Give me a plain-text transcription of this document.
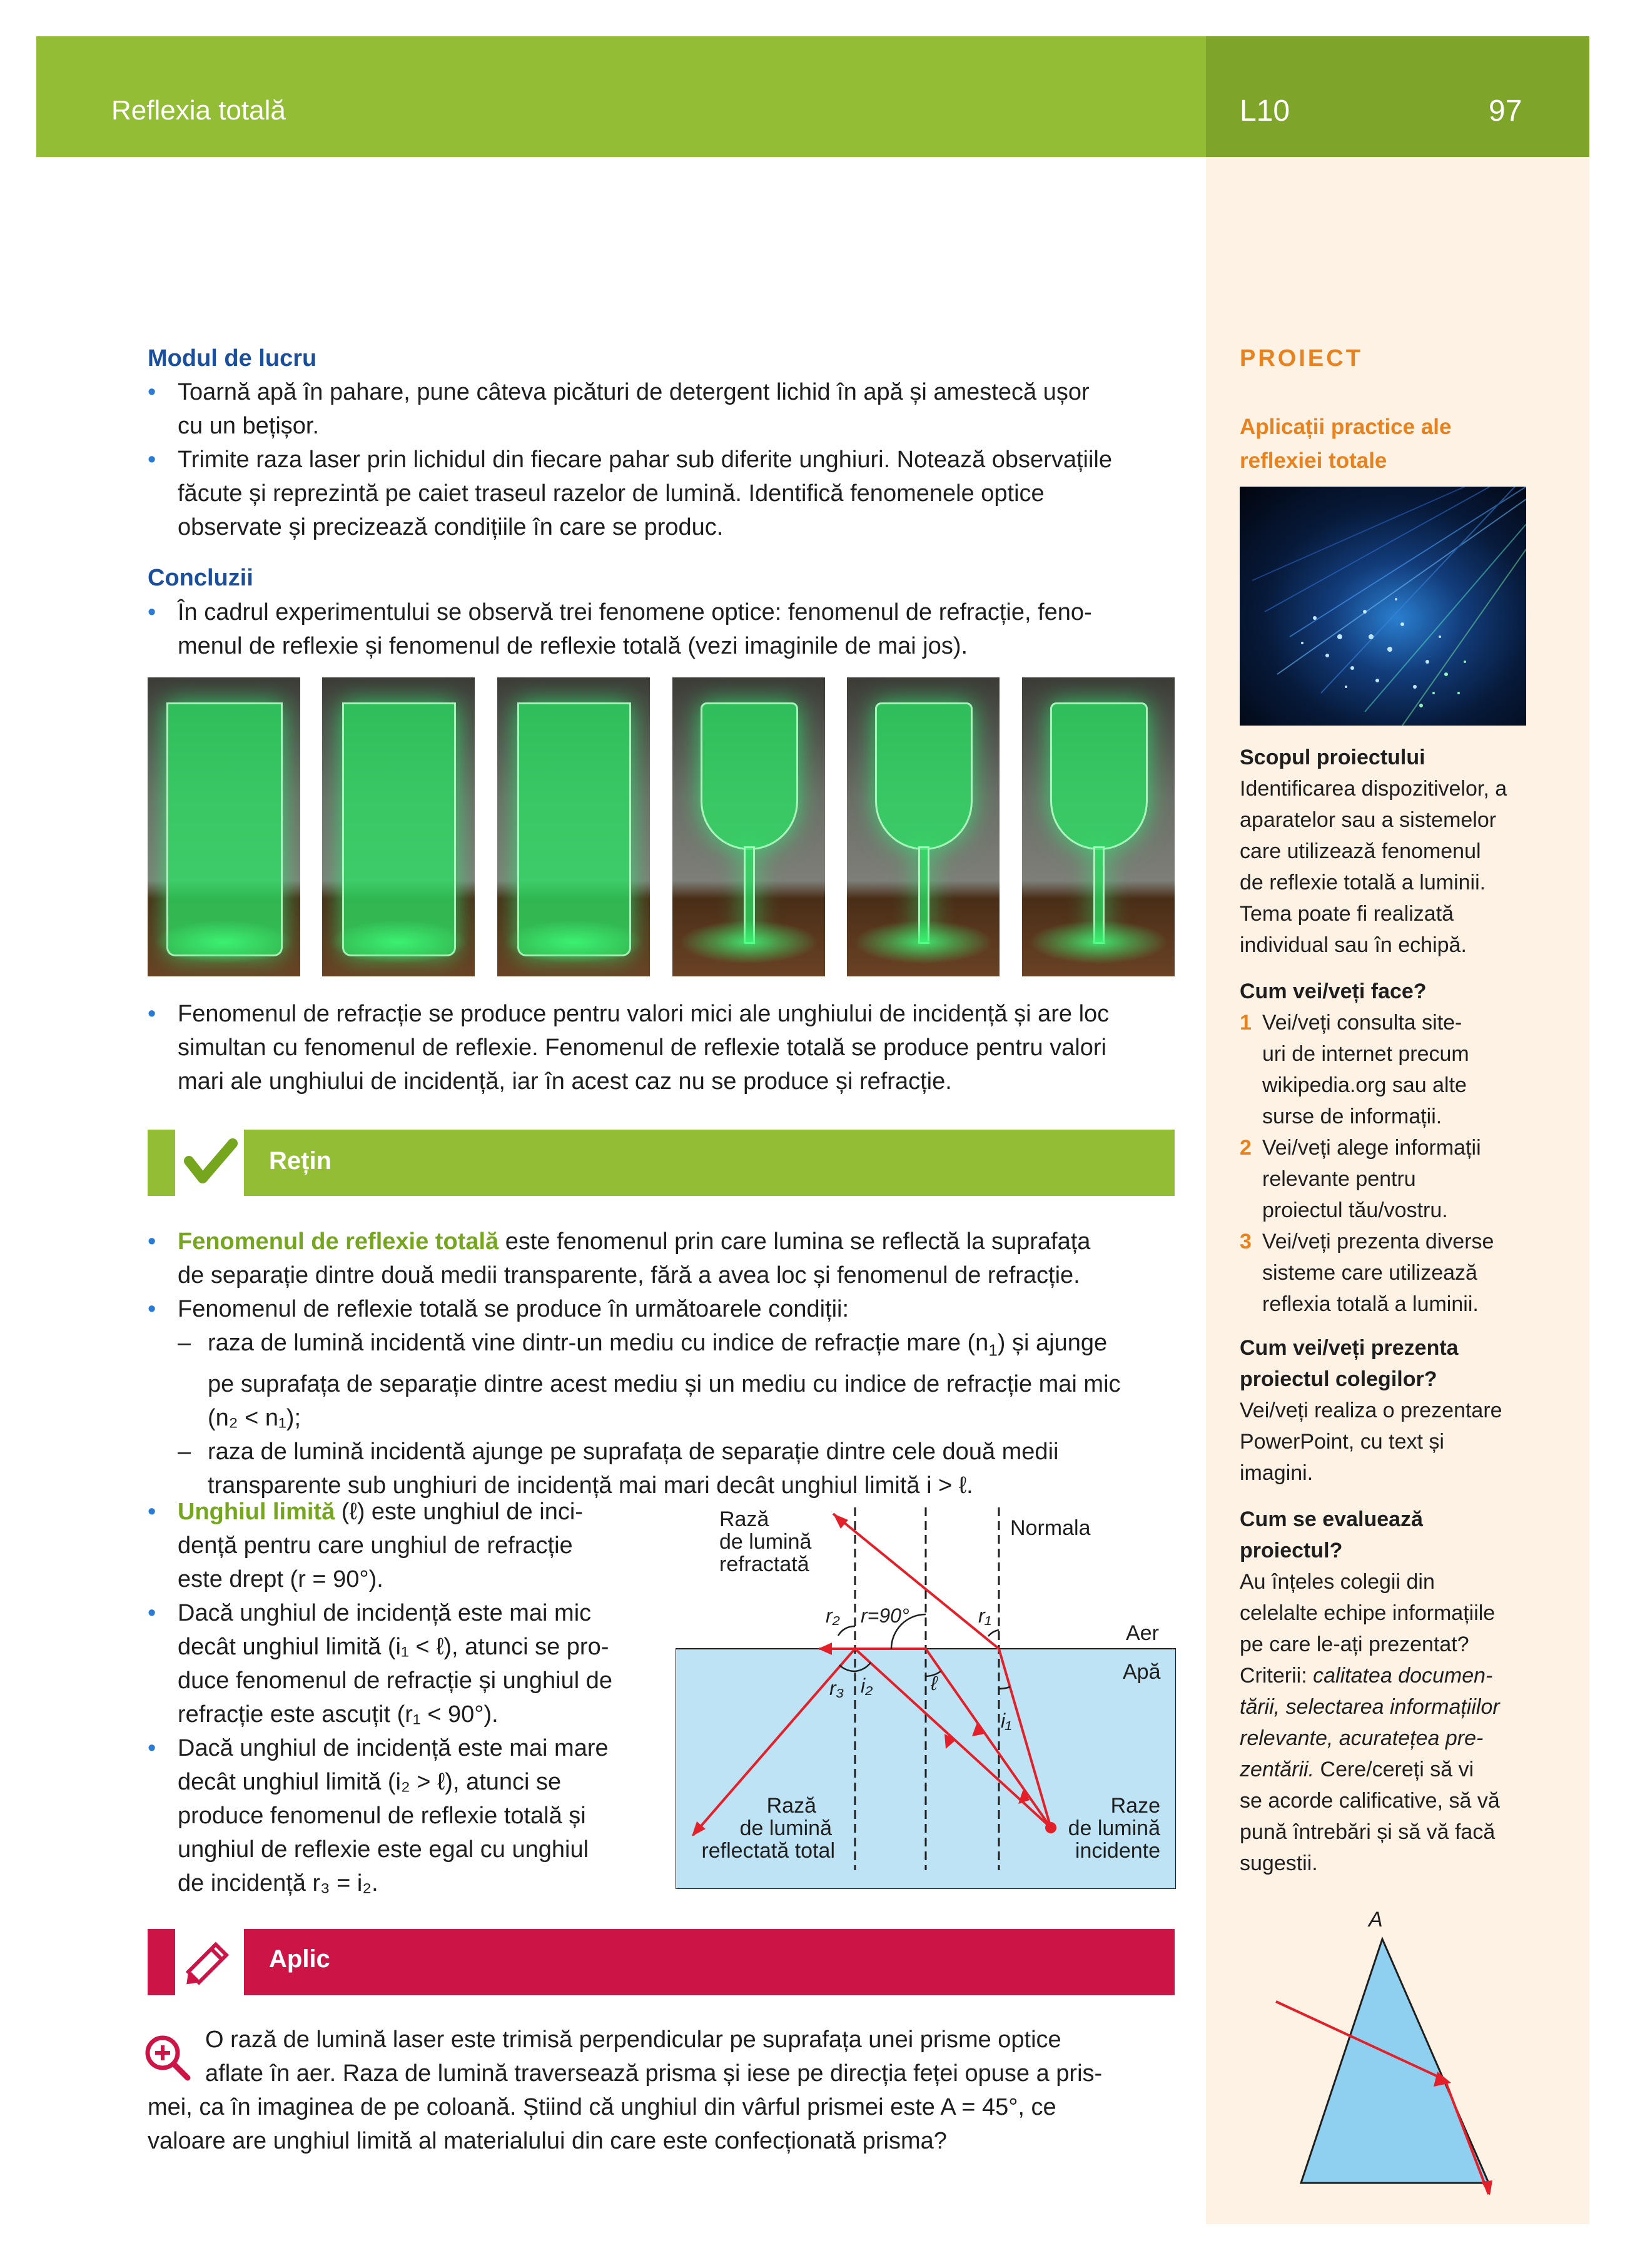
Reflexia totală	L10	97
PROIECT
Aplicații practice ale
reflexiei totale
Scopul proiectului
Identificarea dispozitivelor, a
aparatelor sau a sistemelor
care utilizează fenomenul
de reflexie totală a luminii.
Tema poate fi realizată
individual sau în echipă.
Cum vei/veți face?
1 Vei/veți consulta site-
uri de internet precum
wikipedia.org sau alte
surse de informații.
2 Vei/veți alege informații
relevante pentru
proiectul tău/vostru.
3 Vei/veți prezenta diverse
sisteme care utilizează
reflexia totală a luminii.
Cum vei/veți prezenta
proiectul colegilor?
Vei/veți realiza o prezentare
PowerPoint, cu text și
imagini.
Cum se evaluează
proiectul?
Au înțeles colegii din
celelalte echipe informațiile
pe care le-ați prezentat?
Criterii: calitatea documen-
tării, selectarea informațiilor
relevante, acuratețea pre-
zentării. Cere/cereți să vi
se acorde calificative, să vă
pună întrebări și să vă facă
sugestii.
A
Modul de lucru
• Toarnă apă în pahare, pune câteva picături de detergent lichid în apă și amestecă ușor
cu un bețișor.
• Trimite raza laser prin lichidul din fiecare pahar sub diferite unghiuri. Notează observațiile
făcute și reprezintă pe caiet traseul razelor de lumină. Identifică fenomenele optice
observate și precizează condițiile în care se produc.
Concluzii
• În cadrul experimentului se observă trei fenomene optice: fenomenul de refracție, feno-
menul de reflexie și fenomenul de reflexie totală (vezi imaginile de mai jos).
• Fenomenul de refracție se produce pentru valori mici ale unghiului de incidență și are loc
simultan cu fenomenul de reflexie. Fenomenul de reflexie totală se produce pentru valori
mari ale unghiului de incidență, iar în acest caz nu se produce și refracție.
Rețin
• Fenomenul de reflexie totală este fenomenul prin care lumina se reflectă la suprafața
de separație dintre două medii transparente, fără a avea loc și fenomenul de refracție.
• Fenomenul de reflexie totală se produce în următoarele condiții:
– raza de lumină incidentă vine dintr-un mediu cu indice de refracție mare $(n_1)$ și ajunge
pe suprafața de separație dintre acest mediu și un mediu cu indice de refracție mai mic
(n₂ < n₁);
– raza de lumină incidentă ajunge pe suprafața de separație dintre cele două medii
transparente sub unghiuri de incidență mai mari decât unghiul limită i > ℓ.
• Unghiul limită (ℓ) este unghiul de inci-
dență pentru care unghiul de refracție
este drept (r = 90°).
• Dacă unghiul de incidență este mai mic
decât unghiul limită (i₁ < ℓ), atunci se pro-
duce fenomenul de refracție și unghiul de
refracție este ascuțit (r₁ < 90°).
• Dacă unghiul de incidență este mai mare
decât unghiul limită (i₂ > ℓ), atunci se
produce fenomenul de reflexie totală și
unghiul de reflexie este egal cu unghiul
de incidență r₃ = i₂.
Rază
de lumină
refractată
Normala
Aer
Apă
Rază
de lumină
reflectată total
Raze
de lumină
incidente
r₂ r=90°	r₁
r₃ i₂	ℓ
i₁
Aplic
O rază de lumină laser este trimisă perpendicular pe suprafața unei prisme optice
aflate în aer. Raza de lumină traversează prisma și iese pe direcția feței opuse a pris-
mei, ca în imaginea de pe coloană. Știind că unghiul din vârful prismei este A = 45°, ce
valoare are unghiul limită al materialului din care este confecționată prisma?
